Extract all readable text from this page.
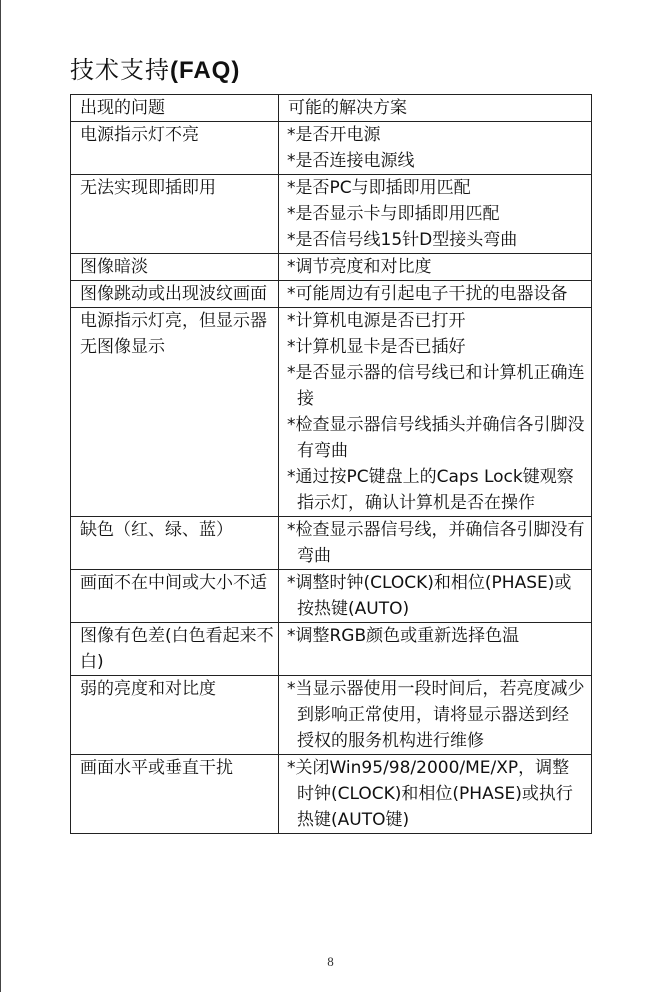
技术支持(FAQ)
出现的问题	可能的解决方案
电源指示灯不亮	*是否开电源
*是否连接电源线

无法实现即插即用	*是否PC与即插即用匹配
*是否显示卡与即插即用匹配
*是否信号线15针D型接头弯曲

图像暗淡	*调节亮度和对比度

图像跳动或出现波纹画面	*可能周边有引起电子干扰的电器设备

电源指示灯亮，但显示器无图像显示	*计算机电源是否已打开
*计算机显卡是否已插好
*是否显示器的信号线已和计算机正确连接
*检查显示器信号线插头并确信各引脚没有弯曲
*通过按PC键盘上的Caps Lock键观察指示灯，确认计算机是否在操作

缺色（红、绿、蓝）	*检查显示器信号线，并确信各引脚没有弯曲

画面不在中间或大小不适	*调整时钟(CLOCK)和相位(PHASE)或按热键(AUTO)

图像有色差(白色看起来不白)	*调整RGB颜色或重新选择色温

弱的亮度和对比度	*当显示器使用一段时间后，若亮度减少到影响正常使用，请将显示器送到经授权的服务机构进行维修

画面水平或垂直干扰	*关闭Win95/98/2000/ME/XP，调整时钟(CLOCK)和相位(PHASE)或执行热键(AUTO键)
8
